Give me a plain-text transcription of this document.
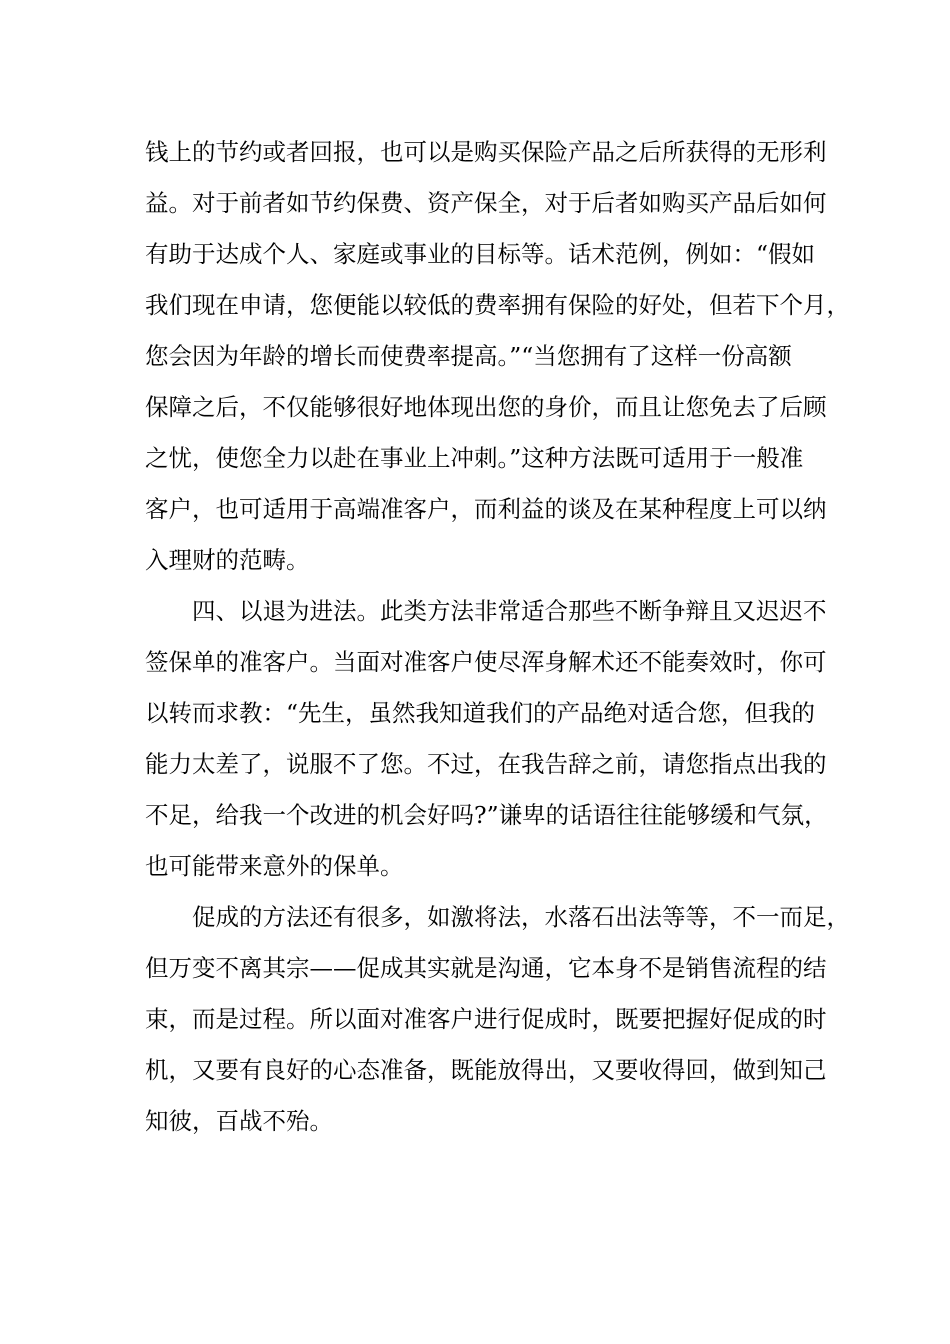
钱上的节约或者回报，也可以是购买保险产品之后所获得的无形利
益。对于前者如节约保费、资产保全，对于后者如购买产品后如何
有助于达成个人、家庭或事业的目标等。话术范例，例如：“假如
我们现在申请，您便能以较低的费率拥有保险的好处，但若下个月，
您会因为年龄的增长而使费率提高。”“当您拥有了这样一份高额
保障之后，不仅能够很好地体现出您的身价，而且让您免去了后顾
之忧，使您全力以赴在事业上冲刺。”这种方法既可适用于一般准
客户，也可适用于高端准客户，而利益的谈及在某种程度上可以纳
入理财的范畴。
四、以退为进法。此类方法非常适合那些不断争辩且又迟迟不
签保单的准客户。当面对准客户使尽浑身解术还不能奏效时，你可
以转而求教：“先生，虽然我知道我们的产品绝对适合您，但我的
能力太差了，说服不了您。不过，在我告辞之前，请您指点出我的
不足，给我一个改进的机会好吗?”谦卑的话语往往能够缓和气氛，
也可能带来意外的保单。
促成的方法还有很多，如激将法，水落石出法等等，不一而足，
但万变不离其宗——促成其实就是沟通，它本身不是销售流程的结
束，而是过程。所以面对准客户进行促成时，既要把握好促成的时
机，又要有良好的心态准备，既能放得出，又要收得回，做到知己
知彼，百战不殆。
